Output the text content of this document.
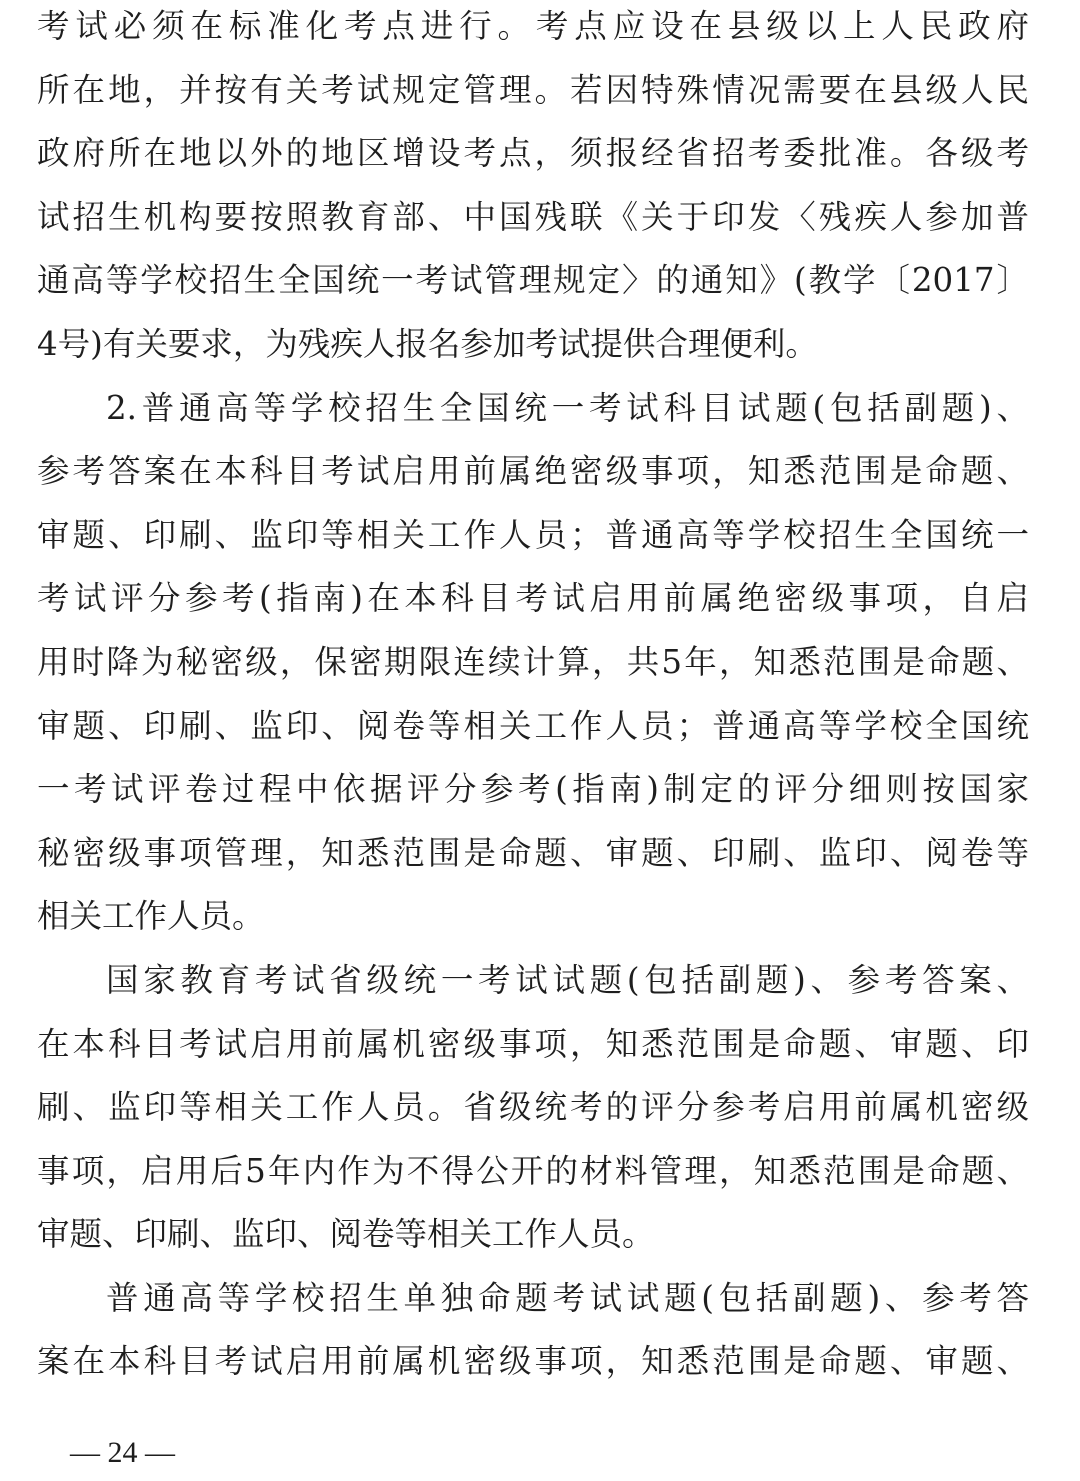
考试必须在标准化考点进行。考点应设在县级以上人民政府
所在地，并按有关考试规定管理。若因特殊情况需要在县级人民
政府所在地以外的地区增设考点，须报经省招考委批准。各级考
试招生机构要按照教育部、中国残联《关于印发〈残疾人参加普
通高等学校招生全国统一考试管理规定〉的通知》(教学〔2017〕
4号)有关要求，为残疾人报名参加考试提供合理便利。
2.普通高等学校招生全国统一考试科目试题(包括副题)、
参考答案在本科目考试启用前属绝密级事项，知悉范围是命题、
审题、印刷、监印等相关工作人员；普通高等学校招生全国统一
考试评分参考(指南)在本科目考试启用前属绝密级事项，自启
用时降为秘密级，保密期限连续计算，共5年，知悉范围是命题、
审题、印刷、监印、阅卷等相关工作人员；普通高等学校全国统
一考试评卷过程中依据评分参考(指南)制定的评分细则按国家
秘密级事项管理，知悉范围是命题、审题、印刷、监印、阅卷等
相关工作人员。
国家教育考试省级统一考试试题(包括副题)、参考答案、
在本科目考试启用前属机密级事项，知悉范围是命题、审题、印
刷、监印等相关工作人员。省级统考的评分参考启用前属机密级
事项，启用后5年内作为不得公开的材料管理，知悉范围是命题、
审题、印刷、监印、阅卷等相关工作人员。
普通高等学校招生单独命题考试试题(包括副题)、参考答
案在本科目考试启用前属机密级事项，知悉范围是命题、审题、
— 24 —
